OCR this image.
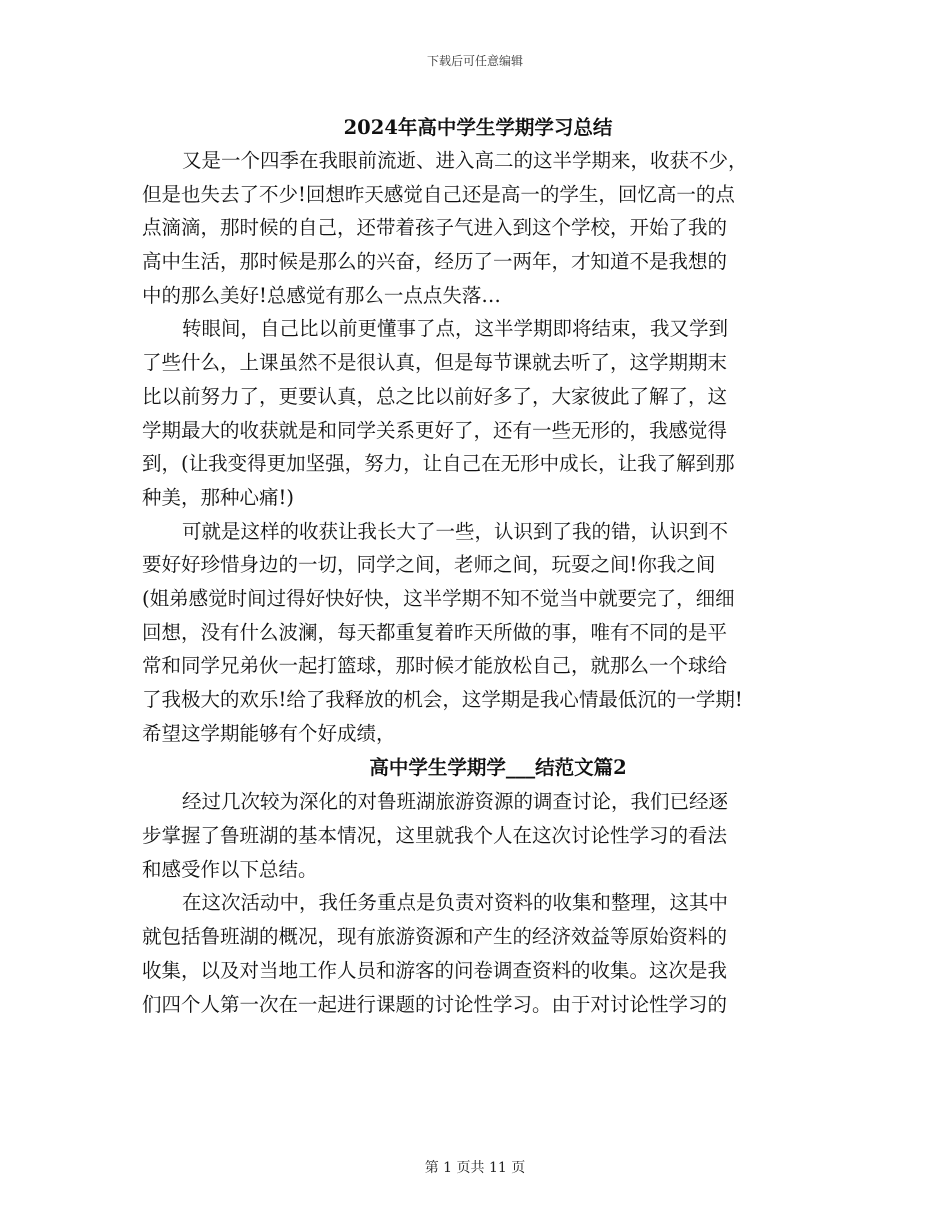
下载后可任意编辑
2024年高中学生学期学习总结
又是一个四季在我眼前流逝、进入高二的这半学期来，收获不少，
但是也失去了不少!回想昨天感觉自己还是高一的学生，回忆高一的点
点滴滴，那时候的自己，还带着孩子气进入到这个学校，开始了我的
高中生活，那时候是那么的兴奋，经历了一两年，才知道不是我想的
中的那么美好!总感觉有那么一点点失落…
转眼间，自己比以前更懂事了点，这半学期即将结束，我又学到
了些什么，上课虽然不是很认真，但是每节课就去听了，这学期期末
比以前努力了，更要认真，总之比以前好多了，大家彼此了解了，这
学期最大的收获就是和同学关系更好了，还有一些无形的，我感觉得
到，(让我变得更加坚强，努力，让自己在无形中成长，让我了解到那
种美，那种心痛!)
可就是这样的收获让我长大了一些，认识到了我的错，认识到不
要好好珍惜身边的一切，同学之间，老师之间，玩耍之间!你我之间
(姐弟感觉时间过得好快好快，这半学期不知不觉当中就要完了，细细
回想，没有什么波澜，每天都重复着昨天所做的事，唯有不同的是平
常和同学兄弟伙一起打篮球，那时候才能放松自己，就那么一个球给
了我极大的欢乐!给了我释放的机会，这学期是我心情最低沉的一学期!
希望这学期能够有个好成绩，
高中学生学期学___结范文篇2
经过几次较为深化的对鲁班湖旅游资源的调查讨论，我们已经逐
步掌握了鲁班湖的基本情况，这里就我个人在这次讨论性学习的看法
和感受作以下总结。
在这次活动中，我任务重点是负责对资料的收集和整理，这其中
就包括鲁班湖的概况，现有旅游资源和产生的经济效益等原始资料的
收集，以及对当地工作人员和游客的问卷调查资料的收集。这次是我
们四个人第一次在一起进行课题的讨论性学习。由于对讨论性学习的
第 1 页共 11 页
